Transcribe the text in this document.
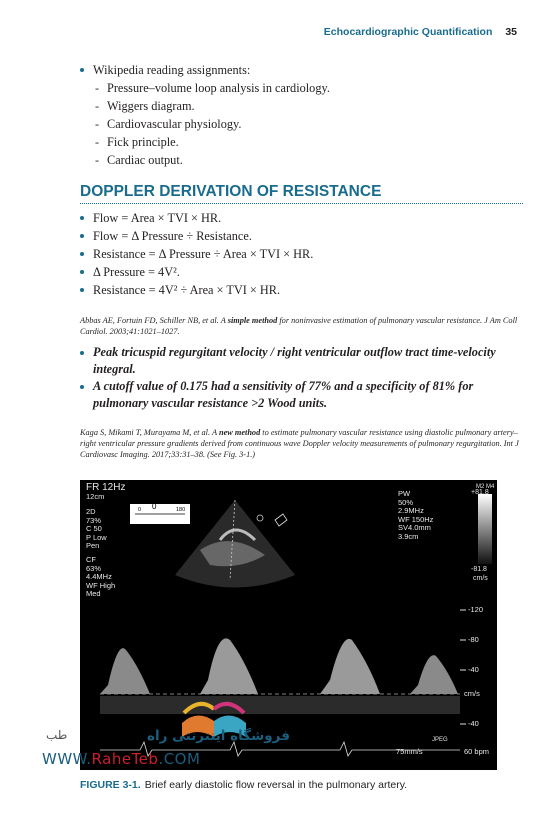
Echocardiographic Quantification 35
Wikipedia reading assignments:
- Pressure–volume loop analysis in cardiology.
- Wiggers diagram.
- Cardiovascular physiology.
- Fick principle.
- Cardiac output.
DOPPLER DERIVATION OF RESISTANCE
Flow = Area × TVI × HR.
Flow = Δ Pressure ÷ Resistance.
Resistance = Δ Pressure ÷ Area × TVI × HR.
Δ Pressure = 4V².
Resistance = 4V² ÷ Area × TVI × HR.
Abbas AE, Fortuin FD, Schiller NB, et al. A simple method for noninvasive estimation of pulmonary vascular resistance. J Am Coll Cardiol. 2003;41:1021–1027.
Peak tricuspid regurgitant velocity / right ventricular outflow tract time-velocity integral.
A cutoff value of 0.175 had a sensitivity of 77% and a specificity of 81% for pulmonary vascular resistance >2 Wood units.
Kaga S, Mikami T, Murayama M, et al. A new method to estimate pulmonary vascular resistance using diastolic pulmonary artery–right ventricular pressure gradients derived from continuous wave Doppler velocity measurements of pulmonary regurgitation. Int J Cardiovasc Imaging. 2017;33:31–38. (See Fig. 3-1.)
FR 12Hz
12cm
2D
73%
C 50
P Low
Pen
CF
63%
4.4MHz
WF High
Med
PW
50%
2.9MHz
WF 150Hz
SV4.0mm
3.9cm
M2 M4
+81.8
-81.8
cm/s
0 0	180
-120
-80
-40
cm/s
-40
JPEG
75mm/s	60 bpm
فروشگاه اینترنتی راه
طب
WWW.RaheTeb.COM
FIGURE 3-1. Brief early diastolic flow reversal in the pulmonary artery.
